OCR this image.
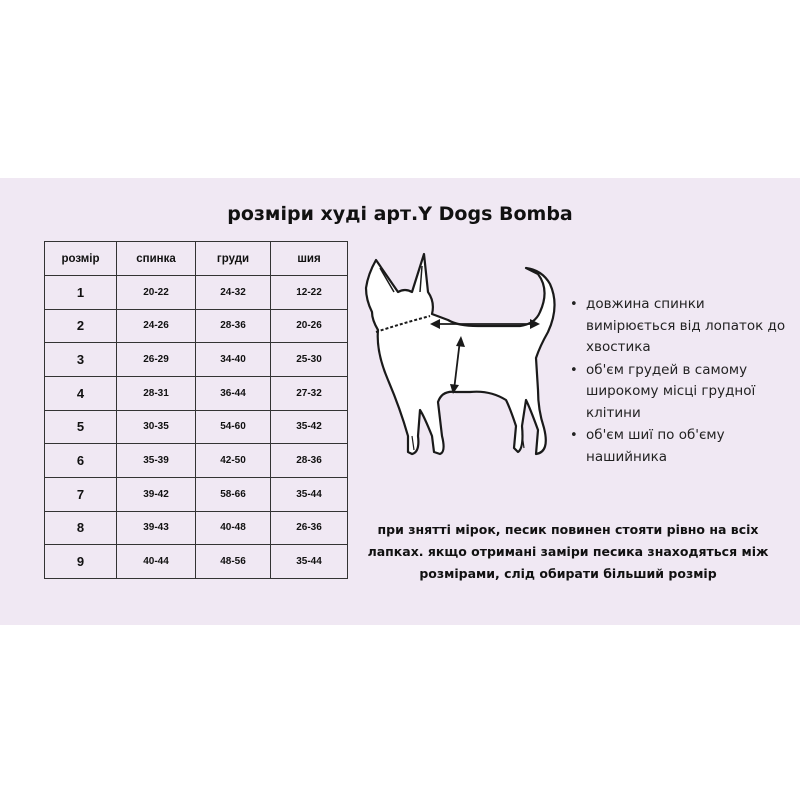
розміри худі арт.Y Dogs Bomba
розмір	спинка	груди	шия
1	20-22	24-32	12-22
2	24-26	28-36	20-26
3	26-29	34-40	25-30
4	28-31	36-44	27-32
5	30-35	54-60	35-42
6	35-39	42-50	28-36
7	39-42	58-66	35-44
8	39-43	40-48	26-36
9	40-44	48-56	35-44
• довжина спинки вимірюється від лопаток до хвостика
• об'єм грудей в самому широкому місці грудної клітини
• об'єм шиї по об'єму нашийника

при знятті мірок, песик повинен стояти рівно на всіх лапках. якщо отримані заміри песика знаходяться між розмірами, слід обирати більший розмір
